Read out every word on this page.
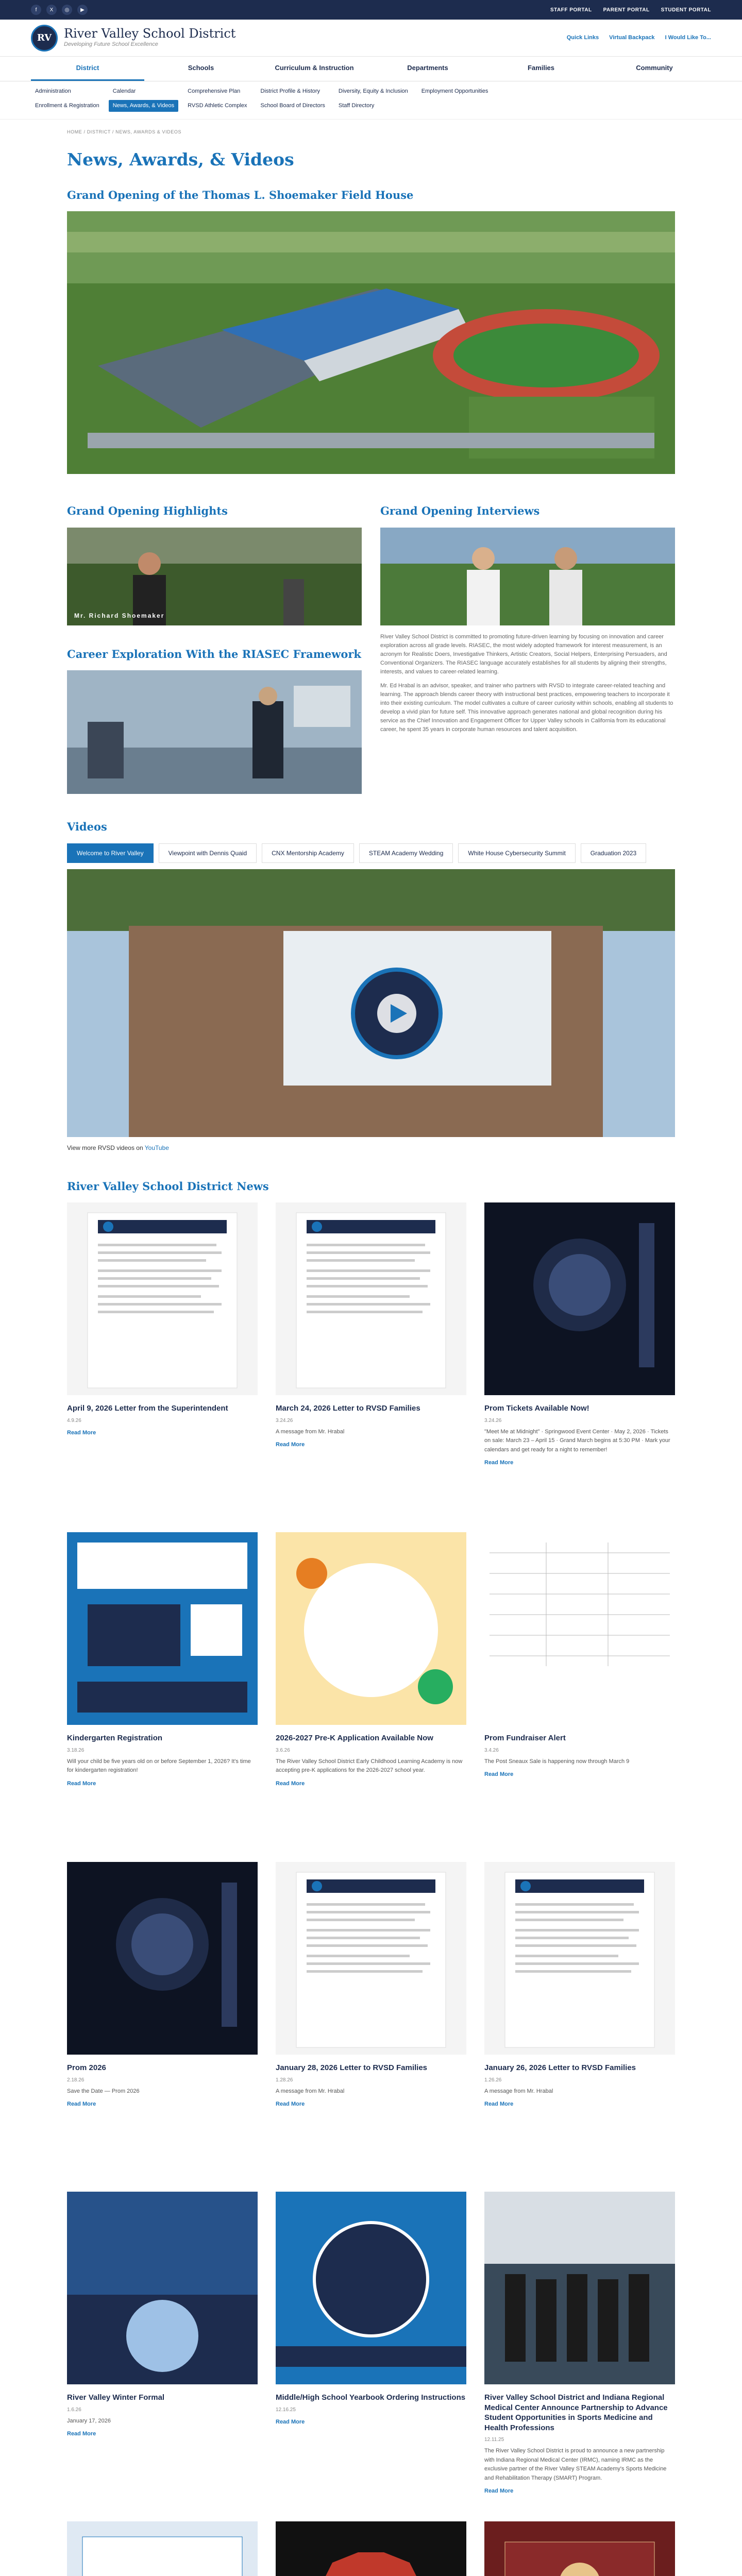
f	X	◎	▶	STAFF PORTAL PARENT PORTAL STUDENT PORTAL
RV River Valley School District
Developing Future School Excellence
Quick Links Virtual Backpack I Would Like To...
District	Schools	Curriculum & Instruction	Departments	Families	Community
Administration	Calendar	Comprehensive Plan	District Profile & History	Diversity, Equity & Inclusion	Employment Opportunities
Enrollment & Registration	News, Awards, & Videos	RVSD Athletic Complex	School Board of Directors	Staff Directory
HOME / DISTRICT / NEWS, AWARDS & VIDEOS
News, Awards, & Videos
Grand Opening of the Thomas L. Shoemaker Field House
Grand Opening Highlights
Mr. Richard Shoemaker
Career Exploration With the RIASEC Framework
Grand Opening Interviews

River Valley School District is committed to promoting future-driven learning by focusing on innovation and career exploration across all grade levels. RIASEC, the most widely adopted framework for interest measurement, is an acronym for Realistic Doers, Investigative Thinkers, Artistic Creators, Social Helpers, Enterprising Persuaders, and Conventional Organizers. The RIASEC language accurately establishes for all students by aligning their strengths, interests, and values to career-related learning.

Mr. Ed Hrabal is an advisor, speaker, and trainer who partners with RVSD to integrate career-related teaching and learning. The approach blends career theory with instructional best practices, empowering teachers to incorporate it into their existing curriculum. The model cultivates a culture of career curiosity within schools, enabling all students to develop a vivid plan for future self. This innovative approach generates national and global recognition during his service as the Chief Innovation and Engagement Officer for Upper Valley schools in California from its educational career, he spent 35 years in corporate human resources and talent acquisition.

Videos
Welcome to River Valley	Viewpoint with Dennis Quaid	CNX Mentorship Academy	STEAM Academy Wedding	White House Cybersecurity Summit	Graduation 2023

View more RVSD videos on YouTube

River Valley School District News
April 9, 2026 Letter from the Superintendent
4.9.26
Read More
March 24, 2026 Letter to RVSD Families
3.24.26
A message from Mr. Hrabal
Read More
Prom Tickets Available Now!
3.24.26
"Meet Me at Midnight" · Springwood Event Center · May 2, 2026 · Tickets on sale: March 23 – April 15 · Grand March begins at 5:30 PM · Mark your calendars and get ready for a night to remember!
Read More
Kindergarten Registration
3.18.26
Will your child be five years old on or before September 1, 2026? It's time for kindergarten registration!
Read More
2026-2027 Pre-K Application Available Now
3.6.26
The River Valley School District Early Childhood Learning Academy is now accepting pre-K applications for the 2026-2027 school year.
Read More
Prom Fundraiser Alert
3.4.26
The Post Sneaux Sale is happening now through March 9
Read More
Prom 2026
2.18.26
Save the Date — Prom 2026
Read More
January 28, 2026 Letter to RVSD Families
1.28.26
A message from Mr. Hrabal
Read More
January 26, 2026 Letter to RVSD Families
1.26.26
A message from Mr. Hrabal
Read More
River Valley Winter Formal
1.6.26
January 17, 2026
Read More
Middle/High School Yearbook Ordering Instructions
12.16.25
Read More
River Valley School District and Indiana Regional Medical Center Announce Partnership to Advance Student Opportunities in Sports Medicine and Health Professions
12.11.25
The River Valley School District is proud to announce a new partnership with Indiana Regional Medical Center (IRMC), naming IRMC as the exclusive partner of the River Valley STEAM Academy's Sports Medicine and Rehabilitation Therapy (SMART) Program.
Read More
